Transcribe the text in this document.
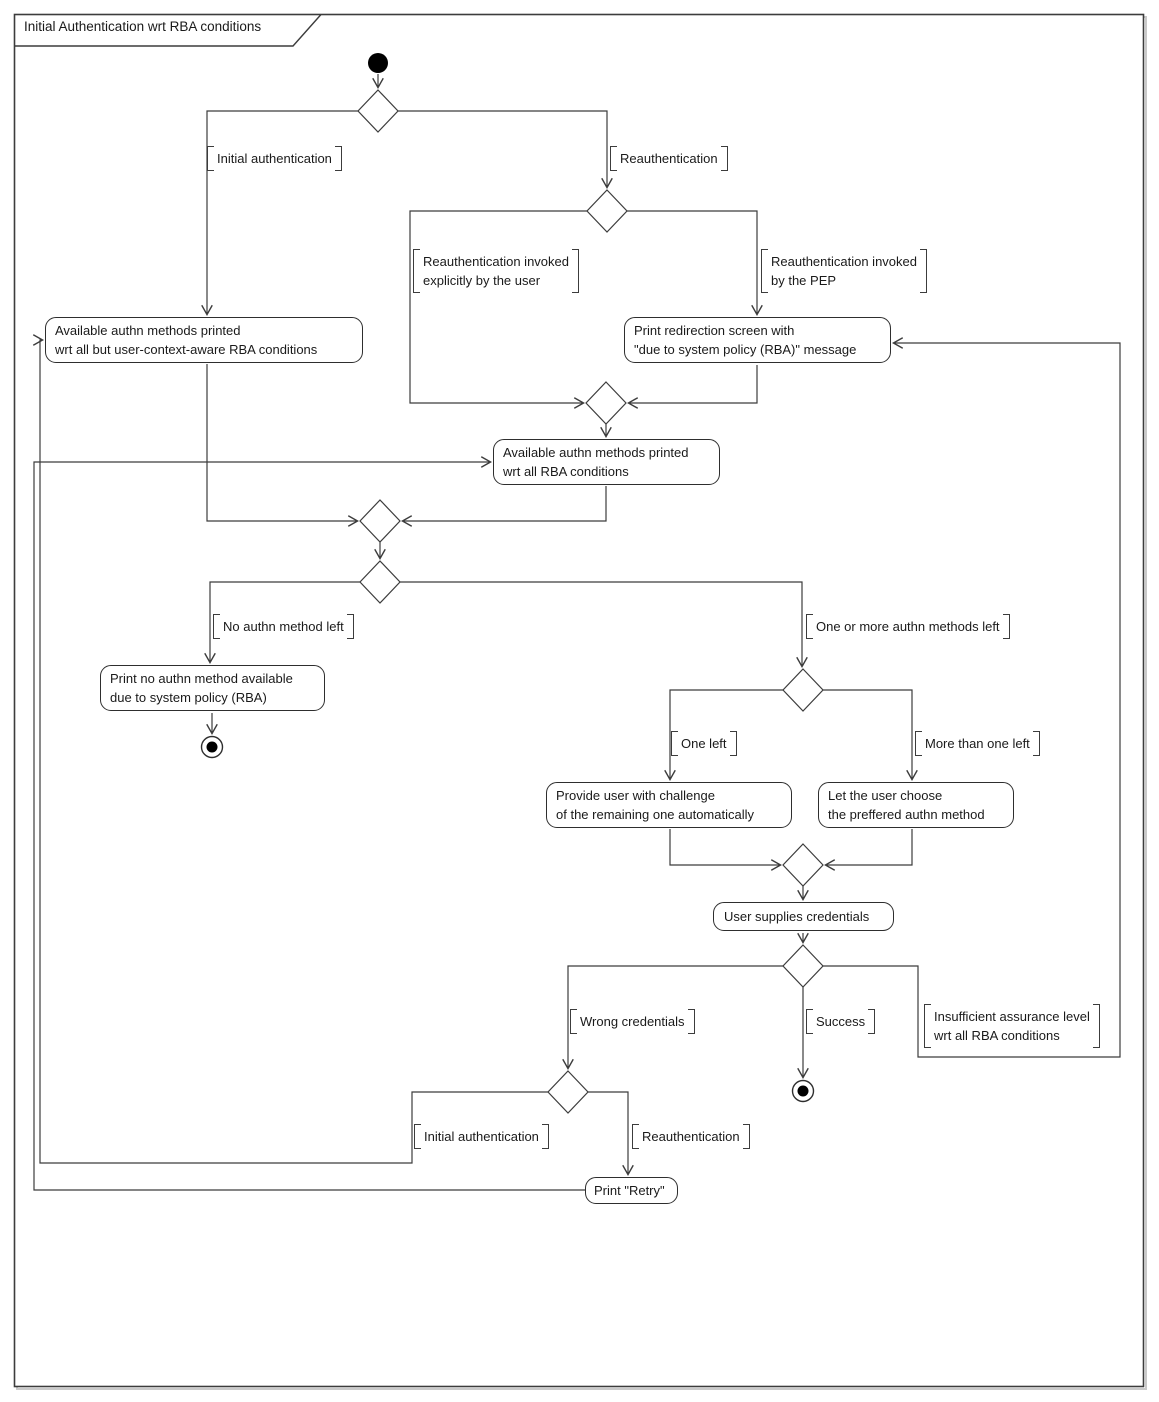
Initial Authentication wrt RBA conditions
Available authn methods printed
wrt all but user-context-aware RBA conditions
Print redirection screen with
"due to system policy (RBA)" message
Available authn methods printed
wrt all RBA conditions
Print no authn method available
due to system policy (RBA)
Provide user with challenge
of the remaining one automatically
Let the user choose
the preffered authn method
User supplies credentials
Print "Retry"
Initial authentication	Reauthentication
Reauthentication invoked
explicitly by the user
Reauthentication invoked
by the PEP
No authn method left	One or more authn methods left
One left	More than one left
Wrong credentials	Success	Insufficient assurance level
wrt all RBA conditions
Initial authentication	Reauthentication
